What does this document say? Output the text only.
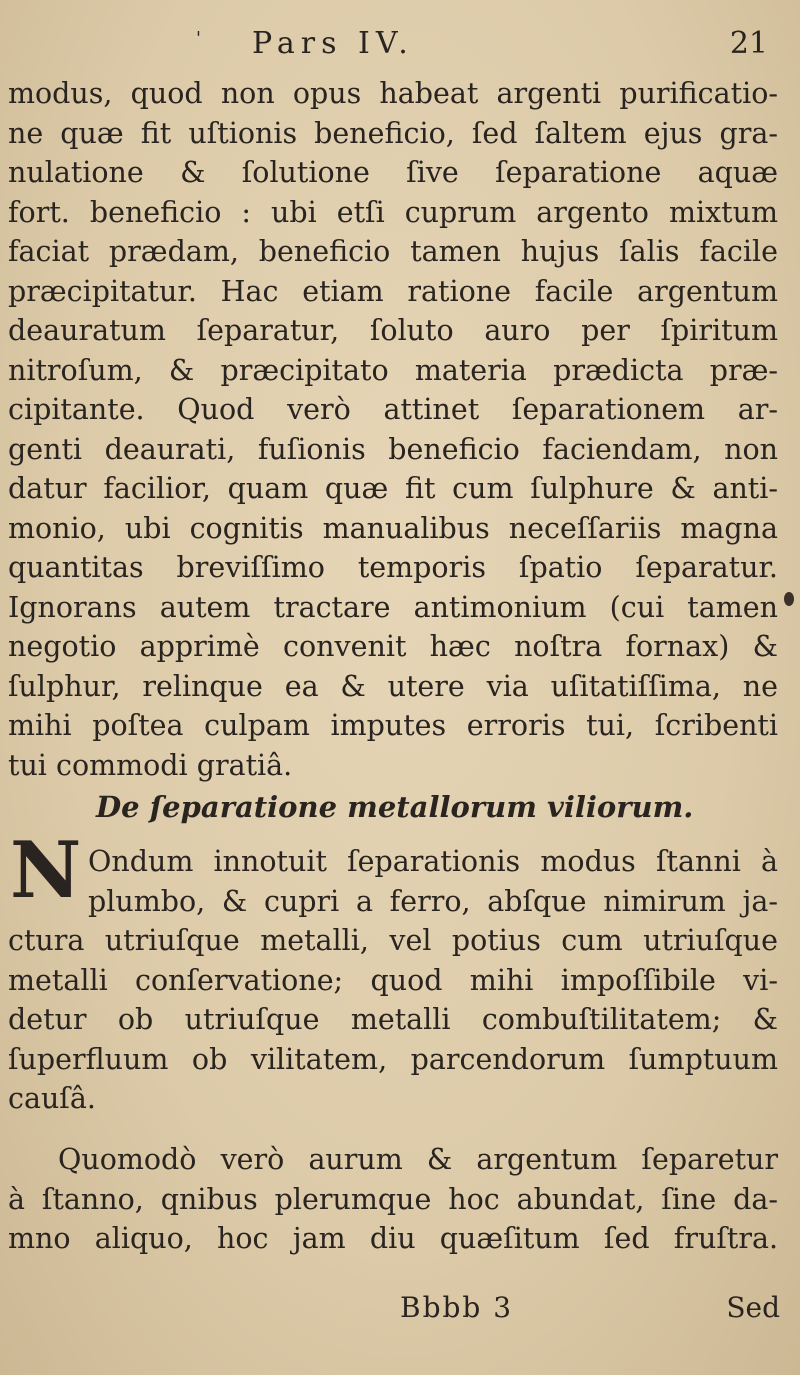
' Pars IV.	21
modus, quod non opus habeat argenti purificatio-
ne quæ fit uſtionis beneficio, ſed ſaltem ejus gra-
nulatione & ſolutione ſive ſeparatione aquæ
fort. beneficio : ubi etſi cuprum argento mixtum
faciat prædam, beneficio tamen hujus ſalis facile
præcipitatur. Hac etiam ratione facile argentum
deauratum ſeparatur, ſoluto auro per ſpiritum
nitroſum, & præcipitato materia prædicta præ-
cipitante. Quod verò attinet ſeparationem ar-
genti deaurati, fuſionis beneficio faciendam, non
datur facilior, quam quæ fit cum ſulphure & anti-
monio, ubi cognitis manualibus neceſſariis magna
quantitas breviſſimo temporis ſpatio ſeparatur.
Ignorans autem tractare antimonium (cui tamen
negotio apprimè convenit hæc noſtra fornax) &
ſulphur, relinque ea & utere via uſitatiſſima, ne
mihi poſtea culpam imputes erroris tui, ſcribenti
tui commodi gratiâ.
De ſeparatione metallorum viliorum.
N Ondum innotuit ſeparationis modus ſtanni à
plumbo, & cupri a ferro, abſque nimirum ja-
ctura utriuſque metalli, vel potius cum utriuſque
metalli conſervatione; quod mihi impoſſibile vi-
detur ob utriuſque metalli combuſtilitatem; &
ſuperfluum ob vilitatem, parcendorum ſumptuum
cauſâ.
Quomodò verò aurum & argentum ſeparetur
à ſtanno, qnibus plerumque hoc abundat, ſine da-
mno aliquo, hoc jam diu quæſitum ſed fruſtra.
Bbbb 3	Sed
